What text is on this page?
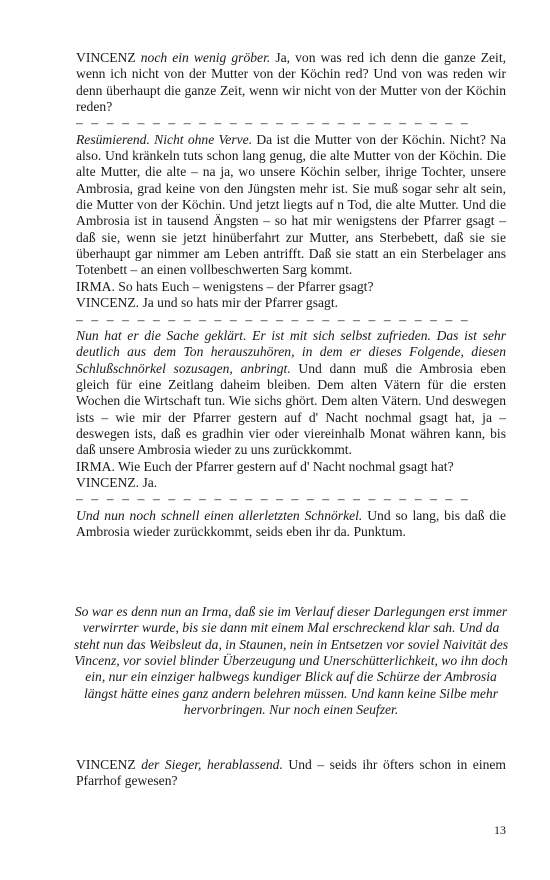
VINCENZ noch ein wenig gröber. Ja, von was red ich denn die ganze Zeit, wenn ich nicht von der Mutter von der Köchin red? Und von was reden wir denn überhaupt die ganze Zeit, wenn wir nicht von der Mutter von der Köchin reden?

– – – – – – – – – – – – – – – – – – – – – – – – – –

Resümierend. Nicht ohne Verve. Da ist die Mutter von der Köchin. Nicht? Na also. Und kränkeln tuts schon lang genug, die alte Mutter von der Köchin. Die alte Mutter, die alte – na ja, wo unsere Köchin selber, ihrige Tochter, unsere Ambrosia, grad keine von den Jüngsten mehr ist. Sie muß sogar sehr alt sein, die Mutter von der Köchin. Und jetzt liegts auf n Tod, die alte Mutter. Und die Ambrosia ist in tausend Ängsten – so hat mir wenigstens der Pfarrer gsagt – daß sie, wenn sie jetzt hinüberfahrt zur Mutter, ans Sterbebett, daß sie sie überhaupt gar nimmer am Leben antrifft. Daß sie statt an ein Sterbelager ans Totenbett – an einen vollbeschwerten Sarg kommt.

IRMA. So hats Euch – wenigstens – der Pfarrer gsagt?

VINCENZ. Ja und so hats mir der Pfarrer gsagt.

– – – – – – – – – – – – – – – – – – – – – – – – – –

Nun hat er die Sache geklärt. Er ist mit sich selbst zufrieden. Das ist sehr deutlich aus dem Ton herauszuhören, in dem er dieses Folgende, diesen Schlußschnörkel sozusagen, anbringt. Und dann muß die Ambrosia eben gleich für eine Zeitlang daheim bleiben. Dem alten Vätern für die ersten Wochen die Wirtschaft tun. Wie sichs ghört. Dem alten Vätern. Und deswegen ists – wie mir der Pfarrer gestern auf d' Nacht nochmal gsagt hat, ja – deswegen ists, daß es gradhin vier oder viereinhalb Monat währen kann, bis daß unsere Ambrosia wieder zu uns zurückkommt.

IRMA. Wie Euch der Pfarrer gestern auf d' Nacht nochmal gsagt hat?

VINCENZ. Ja.

– – – – – – – – – – – – – – – – – – – – – – – – – –

Und nun noch schnell einen allerletzten Schnörkel. Und so lang, bis daß die Ambrosia wieder zurückkommt, seids eben ihr da. Punktum.

So war es denn nun an Irma, daß sie im Verlauf dieser Darlegungen erst immer verwirrter wurde, bis sie dann mit einem Mal erschreckend klar sah. Und da steht nun das Weibsleut da, in Staunen, nein in Entsetzen vor soviel Naivität des Vincenz, vor soviel blinder Überzeugung und Unerschütterlichkeit, wo ihn doch ein, nur ein einziger halbwegs kundiger Blick auf die Schürze der Ambrosia längst hätte eines ganz andern belehren müssen. Und kann keine Silbe mehr hervorbringen. Nur noch einen Seufzer.

VINCENZ der Sieger, herablassend. Und – seids ihr öfters schon in einem Pfarrhof gewesen?

13
